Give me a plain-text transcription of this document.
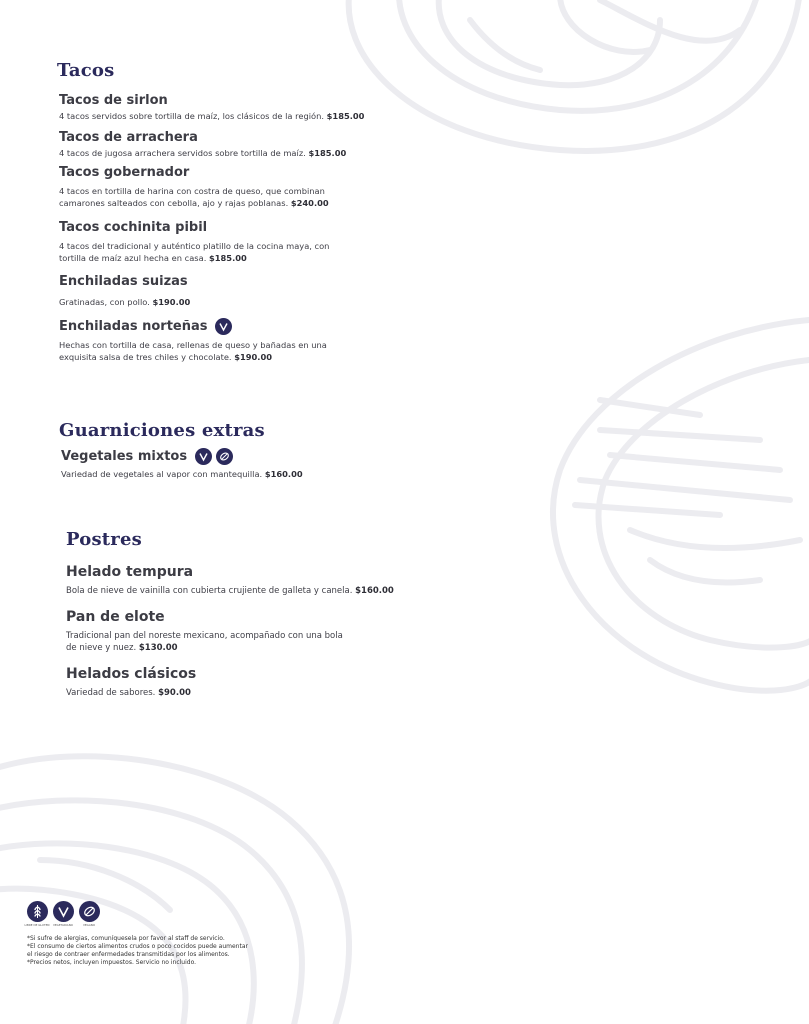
Tacos
Tacos de sirlon
4 tacos servidos sobre tortilla de maíz, los clásicos de la región. $185.00
Tacos de arrachera
4 tacos de jugosa arrachera servidos sobre tortilla de maíz. $185.00
Tacos gobernador
4 tacos en tortilla de harina con costra de queso, que combinan
camarones salteados con cebolla, ajo y rajas poblanas. $240.00
Tacos cochinita pibil
4 tacos del tradicional y auténtico platillo de la cocina maya, con
tortilla de maíz azul hecha en casa. $185.00
Enchiladas suizas
Gratinadas, con pollo. $190.00
Enchiladas norteñas
Hechas con tortilla de casa, rellenas de queso y bañadas en una
exquisita salsa de tres chiles y chocolate. $190.00
Guarniciones extras
Vegetales mixtos
Variedad de vegetales al vapor con mantequilla. $160.00
Postres
Helado tempura
Bola de nieve de vainilla con cubierta crujiente de galleta y canela. $160.00
Pan de elote
Tradicional pan del noreste mexicano, acompañado con una bola
de nieve y nuez. $130.00
Helados clásicos
Variedad de sabores. $90.00
LIBRE DE GLUTEN VEGETARIANO	VEGANO

*Si sufre de alergias, comuníquesela por favor al staff de servicio.

*El consumo de ciertos alimentos crudos o poco cocidos puede aumentar

el riesgo de contraer enfermedades transmitidas por los alimentos.

*Precios netos, incluyen impuestos. Servicio no incluido.
